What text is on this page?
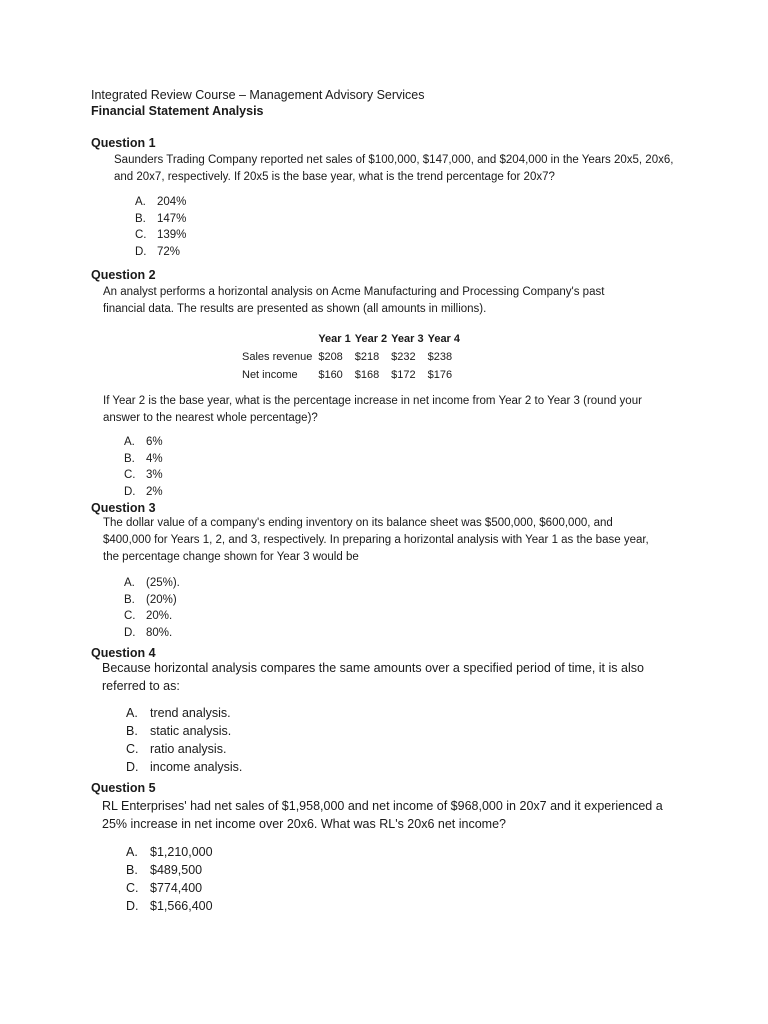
Integrated Review Course – Management Advisory Services
Financial Statement Analysis
Question 1
Saunders Trading Company reported net sales of $100,000, $147,000, and $204,000 in the Years 20x5, 20x6, and 20x7, respectively. If 20x5 is the base year, what is the trend percentage for 20x7?
A. 204%
B. 147%
C. 139%
D. 72%
Question 2
An analyst performs a horizontal analysis on Acme Manufacturing and Processing Company's past financial data. The results are presented as shown (all amounts in millions).
	Year 1	Year 2	Year 3	Year 4
Sales revenue	$208	$218	$232	$238
Net income	$160	$168	$172	$176
If Year 2 is the base year, what is the percentage increase in net income from Year 2 to Year 3 (round your answer to the nearest whole percentage)?
A. 6%
B. 4%
C. 3%
D. 2%
Question 3
The dollar value of a company's ending inventory on its balance sheet was $500,000, $600,000, and $400,000 for Years 1, 2, and 3, respectively. In preparing a horizontal analysis with Year 1 as the base year, the percentage change shown for Year 3 would be
A. (25%).
B. (20%)
C. 20%.
D. 80%.
Question 4
Because horizontal analysis compares the same amounts over a specified period of time, it is also referred to as:
A. trend analysis.
B. static analysis.
C. ratio analysis.
D. income analysis.
Question 5
RL Enterprises' had net sales of $1,958,000 and net income of $968,000 in 20x7 and it experienced a 25% increase in net income over 20x6. What was RL's 20x6 net income?
A. $1,210,000
B. $489,500
C. $774,400
D. $1,566,400
